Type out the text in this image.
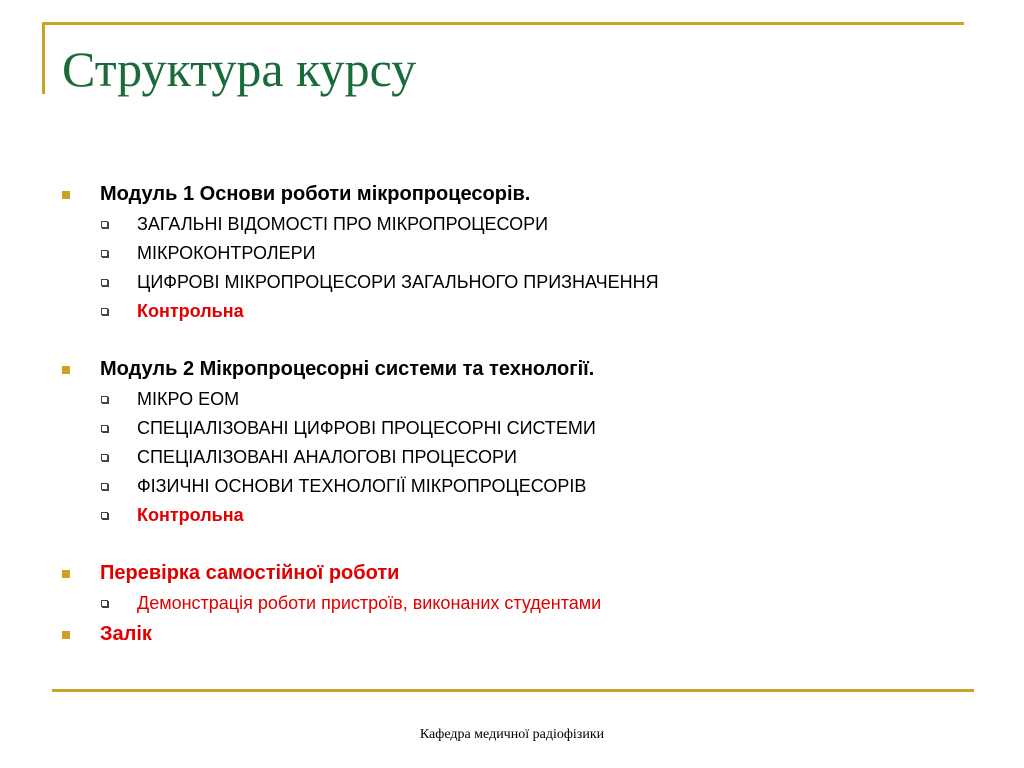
Структура курсу
Модуль 1 Основи роботи мікропроцесорів.
ЗАГАЛЬНІ ВІДОМОСТІ ПРО МІКРОПРОЦЕСОРИ
МІКРОКОНТРОЛЕРИ
ЦИФРОВІ МІКРОПРОЦЕСОРИ ЗАГАЛЬНОГО ПРИЗНАЧЕННЯ
Контрольна
Модуль 2 Мікропроцесорні системи та технології.
МІКРО ЕОМ
СПЕЦІАЛІЗОВАНІ ЦИФРОВІ ПРОЦЕСОРНІ СИСТЕМИ
СПЕЦІАЛІЗОВАНІ АНАЛОГОВІ ПРОЦЕСОРИ
ФІЗИЧНІ ОСНОВИ ТЕХНОЛОГІЇ МІКРОПРОЦЕСОРІВ
Контрольна
Перевірка самостійної роботи
Демонстрація роботи пристроїв, виконаних студентами
Залік
Кафедра медичної радіофізики
